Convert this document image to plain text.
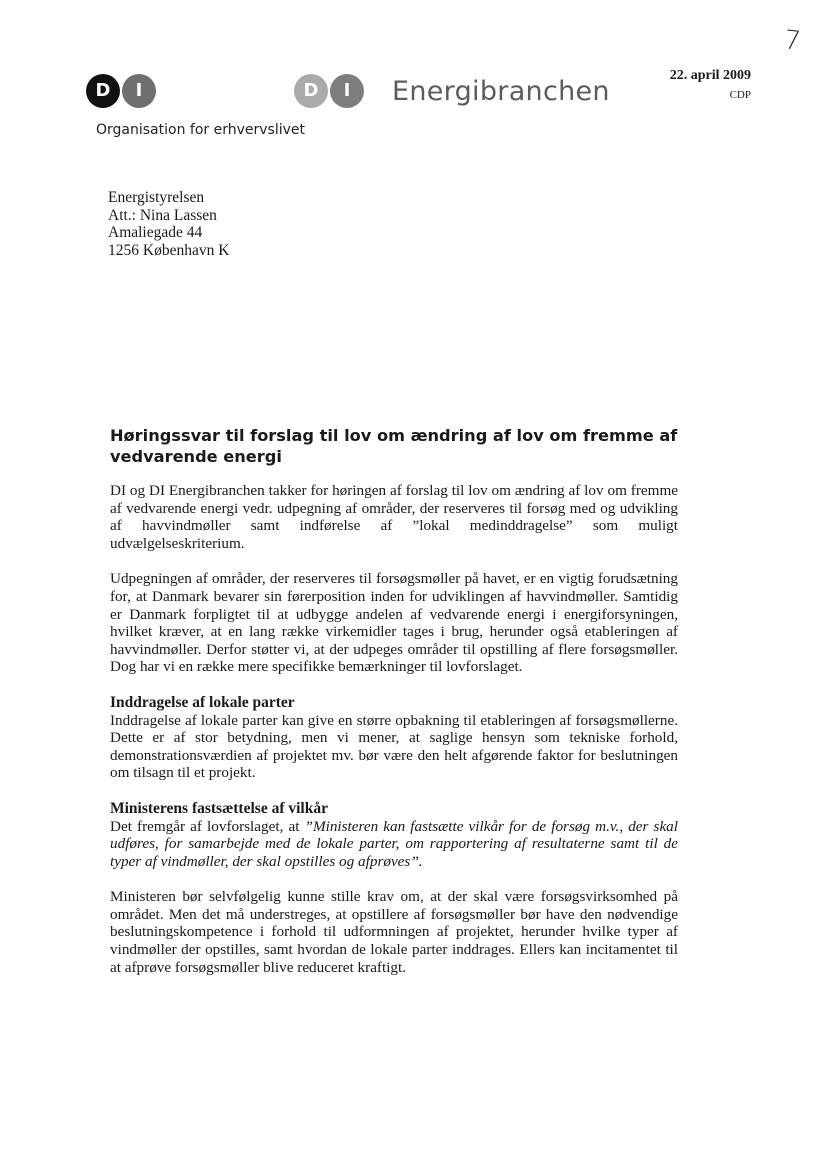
7
D	I
Organisation for erhvervslivet
D	I	Energibranchen
22. april 2009
CDP
Energistyrelsen
Att.: Nina Lassen
Amaliegade 44
1256 København K
Høringssvar til forslag til lov om ændring af lov om fremme af vedvarende energi

DI og DI Energibranchen takker for høringen af forslag til lov om ændring af lov om fremme af vedvarende energi vedr. udpegning af områder, der reserveres til forsøg med og udvikling af havvindmøller samt indførelse af ”lokal medinddragelse” som muligt udvælgelseskriterium.

Udpegningen af områder, der reserveres til forsøgsmøller på havet, er en vigtig forudsætning for, at Danmark bevarer sin førerposition inden for udviklingen af havvindmøller. Samtidig er Danmark forpligtet til at udbygge andelen af vedvarende energi i energiforsyningen, hvilket kræver, at en lang række virkemidler tages i brug, herunder også etableringen af havvindmøller. Derfor støtter vi, at der udpeges områder til opstilling af flere forsøgsmøller. Dog har vi en række mere specifikke bemærkninger til lovforslaget.

Inddragelse af lokale parter

Inddragelse af lokale parter kan give en større opbakning til etableringen af forsøgsmøllerne. Dette er af stor betydning, men vi mener, at saglige hensyn som tekniske forhold, demonstrationsværdien af projektet mv. bør være den helt afgørende faktor for beslutningen om tilsagn til et projekt.

Ministerens fastsættelse af vilkår

Det fremgår af lovforslaget, at ”Ministeren kan fastsætte vilkår for de forsøg m.v., der skal udføres, for samarbejde med de lokale parter, om rapportering af resultaterne samt til de typer af vindmøller, der skal opstilles og afprøves”.

Ministeren bør selvfølgelig kunne stille krav om, at der skal være forsøgsvirksomhed på området. Men det må understreges, at opstillere af forsøgsmøller bør have den nødvendige beslutningskompetence i forhold til udformningen af projektet, herunder hvilke typer af vindmøller der opstilles, samt hvordan de lokale parter inddrages. Ellers kan incitamentet til at afprøve forsøgsmøller blive reduceret kraftigt.
